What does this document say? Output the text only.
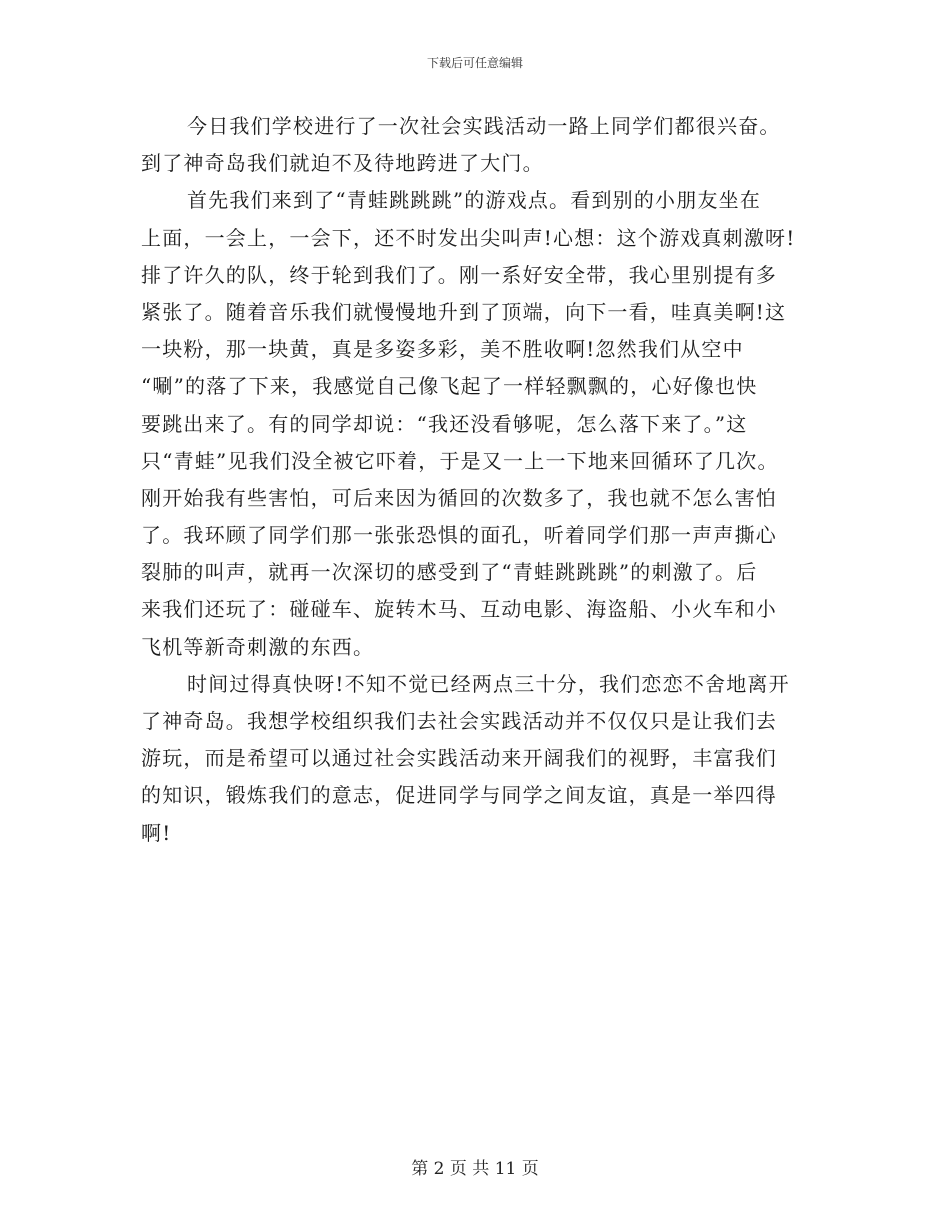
下载后可任意编辑
今日我们学校进行了一次社会实践活动一路上同学们都很兴奋。
到了神奇岛我们就迫不及待地跨进了大门。
首先我们来到了“青蛙跳跳跳”的游戏点。看到别的小朋友坐在
上面，一会上，一会下，还不时发出尖叫声!心想：这个游戏真刺激呀!
排了许久的队，终于轮到我们了。刚一系好安全带，我心里别提有多
紧张了。随着音乐我们就慢慢地升到了顶端，向下一看，哇真美啊!这
一块粉，那一块黄，真是多姿多彩，美不胜收啊!忽然我们从空中
“唰”的落了下来，我感觉自己像飞起了一样轻飘飘的，心好像也快
要跳出来了。有的同学却说：“我还没看够呢，怎么落下来了。”这
只“青蛙”见我们没全被它吓着，于是又一上一下地来回循环了几次。
刚开始我有些害怕，可后来因为循回的次数多了，我也就不怎么害怕
了。我环顾了同学们那一张张恐惧的面孔，听着同学们那一声声撕心
裂肺的叫声，就再一次深切的感受到了“青蛙跳跳跳”的刺激了。后
来我们还玩了：碰碰车、旋转木马、互动电影、海盗船、小火车和小
飞机等新奇刺激的东西。
时间过得真快呀!不知不觉已经两点三十分，我们恋恋不舍地离开
了神奇岛。我想学校组织我们去社会实践活动并不仅仅只是让我们去
游玩，而是希望可以通过社会实践活动来开阔我们的视野，丰富我们
的知识，锻炼我们的意志，促进同学与同学之间友谊，真是一举四得
啊!
第 2 页 共 11 页
